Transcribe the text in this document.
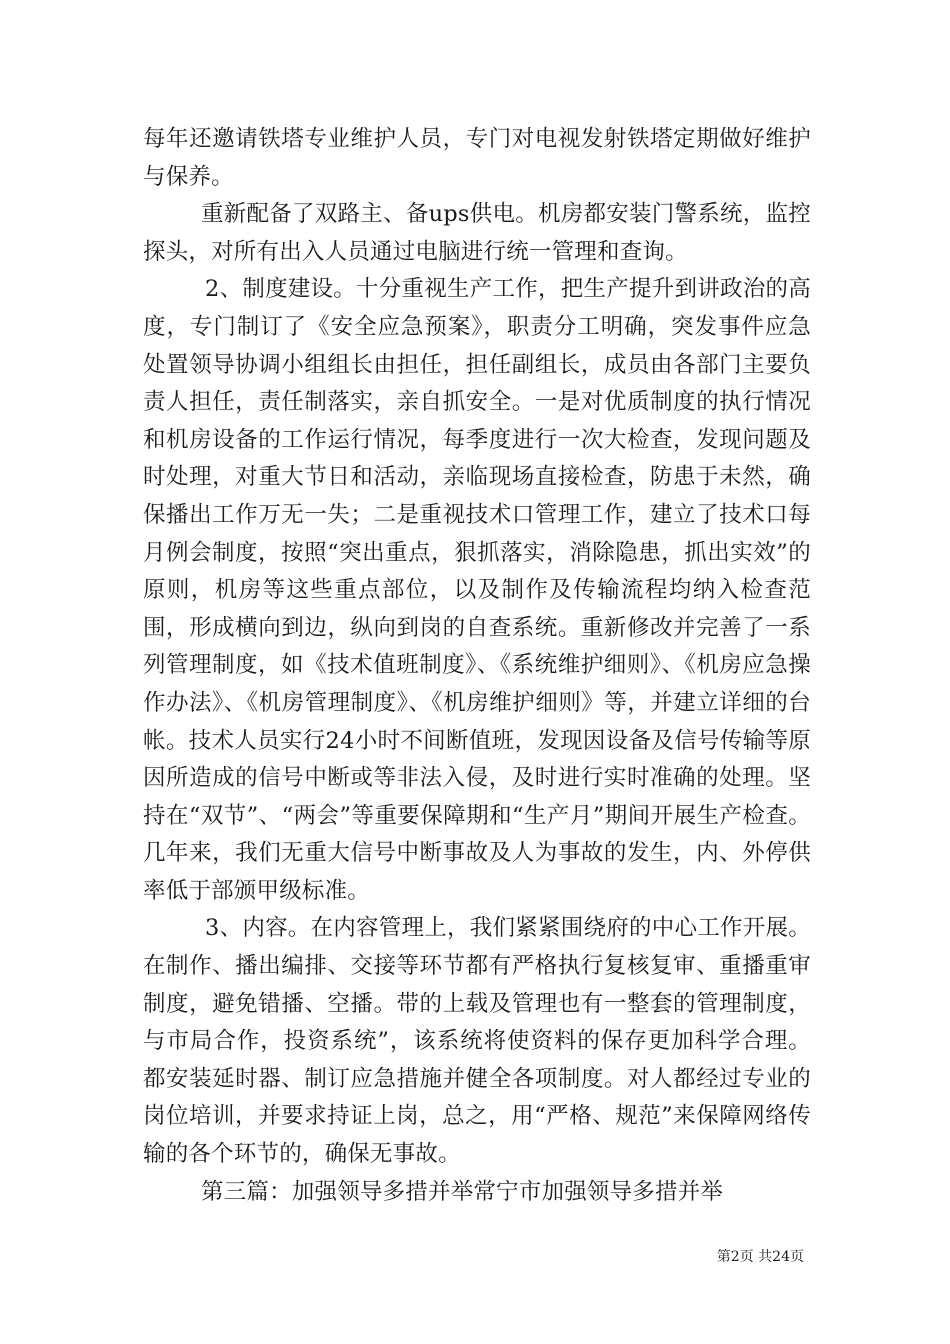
每年还邀请铁塔专业维护人员，专门对电视发射铁塔定期做好维护与保养。

重新配备了双路主、备ups供电。机房都安装门警系统，监控探头，对所有出入人员通过电脑进行统一管理和查询。

2、制度建设。十分重视生产工作，把生产提升到讲政治的高度，专门制订了《安全应急预案》，职责分工明确，突发事件应急处置领导协调小组组长由担任，担任副组长，成员由各部门主要负责人担任，责任制落实，亲自抓安全。一是对优质制度的执行情况和机房设备的工作运行情况，每季度进行一次大检查，发现问题及时处理，对重大节日和活动，亲临现场直接检查，防患于未然，确保播出工作万无一失；二是重视技术口管理工作，建立了技术口每月例会制度，按照“突出重点，狠抓落实，消除隐患，抓出实效”的原则，机房等这些重点部位，以及制作及传输流程均纳入检查范围，形成横向到边，纵向到岗的自查系统。重新修改并完善了一系列管理制度，如《技术值班制度》、《系统维护细则》、《机房应急操作办法》、《机房管理制度》、《机房维护细则》等，并建立详细的台帐。技术人员实行24小时不间断值班，发现因设备及信号传输等原因所造成的信号中断或等非法入侵，及时进行实时准确的处理。坚持在“双节”、“两会”等重要保障期和“生产月”期间开展生产检查。几年来，我们无重大信号中断事故及人为事故的发生，内、外停供率低于部颁甲级标准。

3、内容。在内容管理上，我们紧紧围绕府的中心工作开展。在制作、播出编排、交接等环节都有严格执行复核复审、重播重审制度，避免错播、空播。带的上载及管理也有一整套的管理制度，与市局合作，投资系统”，该系统将使资料的保存更加科学合理。都安装延时器、制订应急措施并健全各项制度。对人都经过专业的岗位培训，并要求持证上岗，总之，用“严格、规范”来保障网络传输的各个环节的，确保无事故。

第三篇：加强领导多措并举常宁市加强领导多措并举

第2页 共24页
